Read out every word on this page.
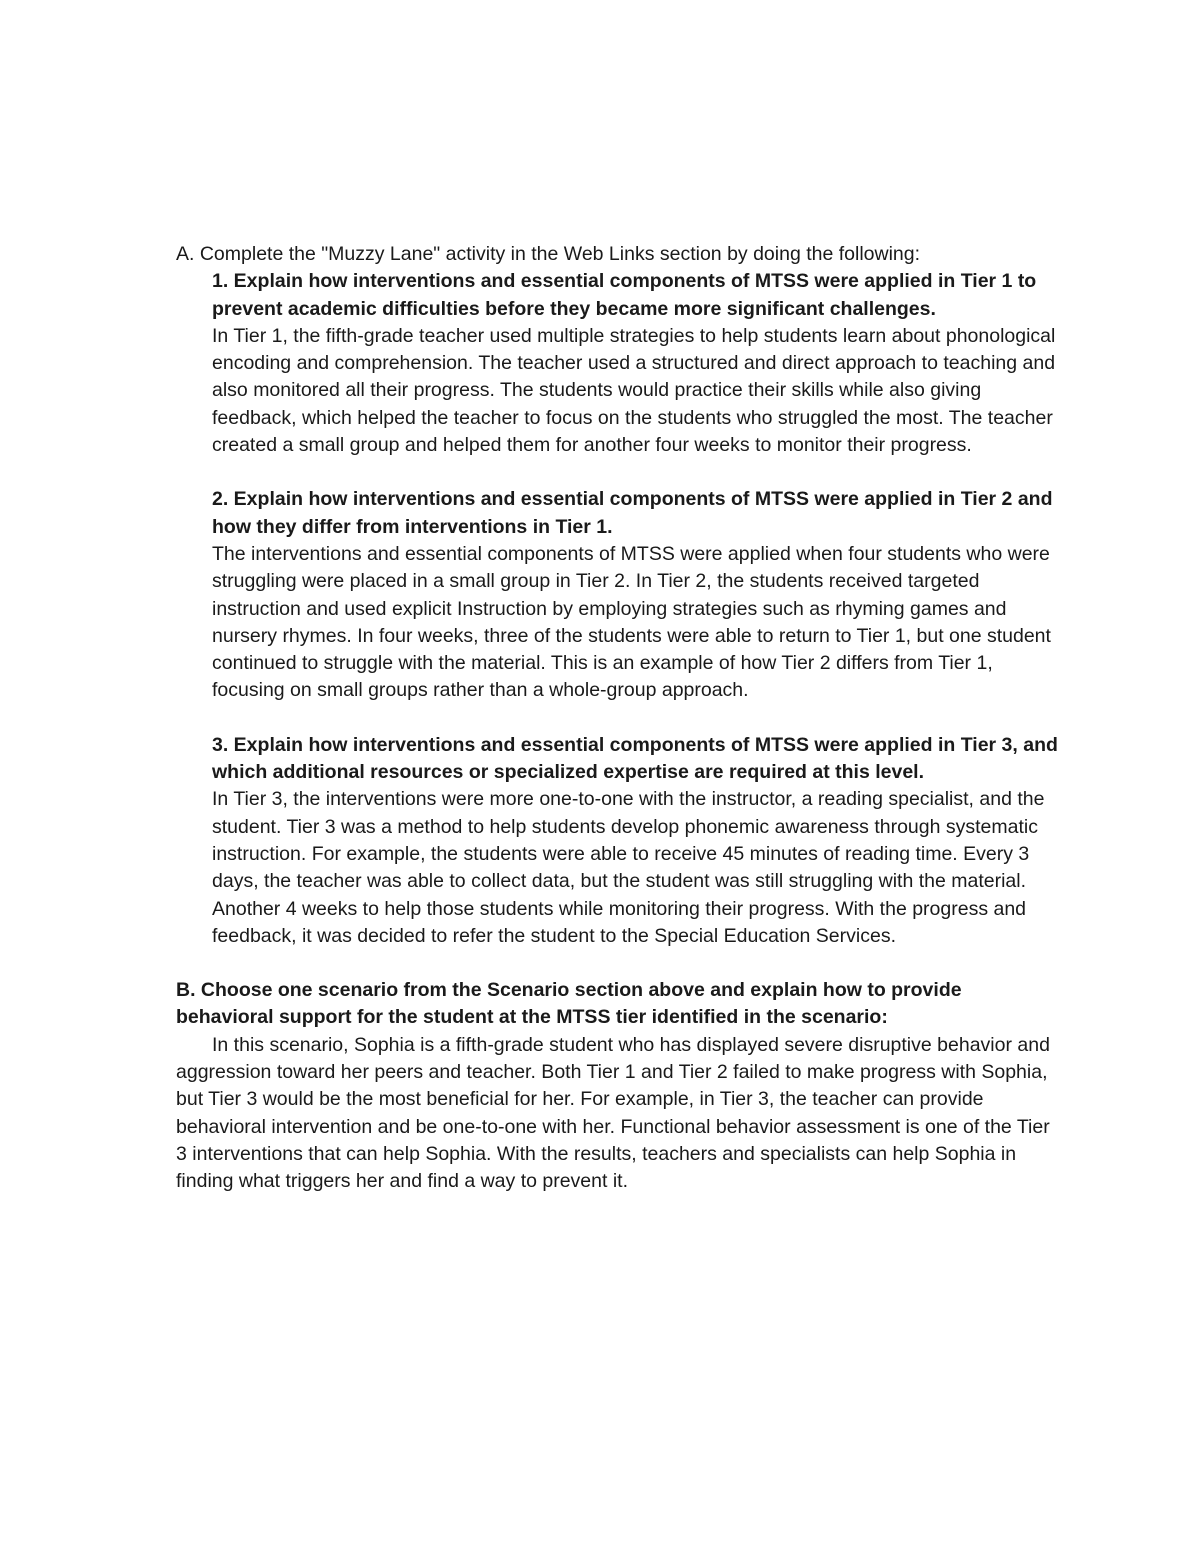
A. Complete the "Muzzy Lane" activity in the Web Links section by doing the following:

1. Explain how interventions and essential components of MTSS were applied in Tier 1 to prevent academic difficulties before they became more significant challenges.

In Tier 1, the fifth-grade teacher used multiple strategies to help students learn about phonological encoding and comprehension. The teacher used a structured and direct approach to teaching and also monitored all their progress. The students would practice their skills while also giving feedback, which helped the teacher to focus on the students who struggled the most. The teacher created a small group and helped them for another four weeks to monitor their progress.

2. Explain how interventions and essential components of MTSS were applied in Tier 2 and how they differ from interventions in Tier 1.

The interventions and essential components of MTSS were applied when four students who were struggling were placed in a small group in Tier 2. In Tier 2, the students received targeted instruction and used explicit Instruction by employing strategies such as rhyming games and nursery rhymes. In four weeks, three of the students were able to return to Tier 1, but one student continued to struggle with the material. This is an example of how Tier 2 differs from Tier 1, focusing on small groups rather than a whole-group approach.

3. Explain how interventions and essential components of MTSS were applied in Tier 3, and which additional resources or specialized expertise are required at this level.

In Tier 3, the interventions were more one-to-one with the instructor, a reading specialist, and the student. Tier 3 was a method to help students develop phonemic awareness through systematic instruction. For example, the students were able to receive 45 minutes of reading time. Every 3 days, the teacher was able to collect data, but the student was still struggling with the material. Another 4 weeks to help those students while monitoring their progress. With the progress and feedback, it was decided to refer the student to the Special Education Services.

B. Choose one scenario from the Scenario section above and explain how to provide behavioral support for the student at the MTSS tier identified in the scenario:

In this scenario, Sophia is a fifth-grade student who has displayed severe disruptive behavior and aggression toward her peers and teacher. Both Tier 1 and Tier 2 failed to make progress with Sophia, but Tier 3 would be the most beneficial for her. For example, in Tier 3, the teacher can provide behavioral intervention and be one-to-one with her. Functional behavior assessment is one of the Tier 3 interventions that can help Sophia. With the results, teachers and specialists can help Sophia in finding what triggers her and find a way to prevent it.
